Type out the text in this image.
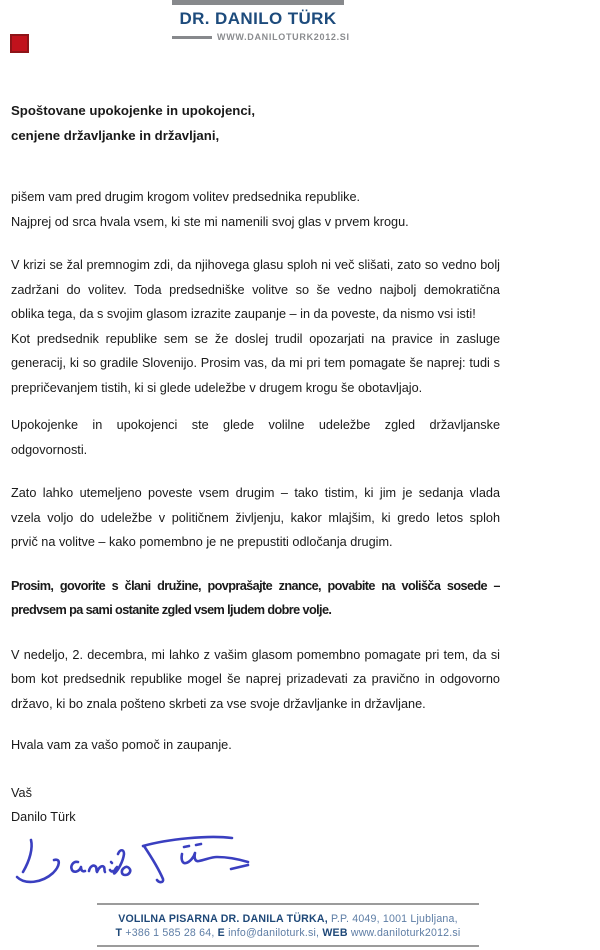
DR. DANILO TÜRK
WWW.DANILOTURK2012.SI
Spoštovane upokojenke in upokojenci,
cenjene državljanke in državljani,
pišem vam pred drugim krogom volitev predsednika republike.
Najprej od srca hvala vsem, ki ste mi namenili svoj glas v prvem krogu.
V krizi se žal premnogim zdi, da njihovega glasu sploh ni več slišati, zato so vedno bolj
zadržani do volitev. Toda predsedniške volitve so še vedno najbolj demokratična
oblika tega, da s svojim glasom izrazite zaupanje – in da poveste, da nismo vsi isti!
Kot predsednik republike sem se že doslej trudil opozarjati na pravice in zasluge
generacij, ki so gradile Slovenijo. Prosim vas, da mi pri tem pomagate še naprej: tudi s
prepričevanjem tistih, ki si glede udeležbe v drugem krogu še obotavljajo.
Upokojenke in upokojenci ste glede volilne udeležbe zgled državljanske
odgovornosti.
Zato lahko utemeljeno poveste vsem drugim – tako tistim, ki jim je sedanja vlada
vzela voljo do udeležbe v političnem življenju, kakor mlajšim, ki gredo letos sploh
prvič na volitve – kako pomembno je ne prepustiti odločanja drugim.
Prosim, govorite s člani družine, povprašajte znance, povabite na volišča sosede –
predvsem pa sami ostanite zgled vsem ljudem dobre volje.
V nedeljo, 2. decembra, mi lahko z vašim glasom pomembno pomagate pri tem, da si
bom kot predsednik republike mogel še naprej prizadevati za pravično in odgovorno
državo, ki bo znala pošteno skrbeti za vse svoje državljanke in državljane.
Hvala vam za vašo pomoč in zaupanje.
Vaš
Danilo Türk
VOLILNA PISARNA DR. DANILA TÜRKA, P.P. 4049, 1001 Ljubljana,
T +386 1 585 28 64, E info@daniloturk.si, WEB www.daniloturk2012.si
